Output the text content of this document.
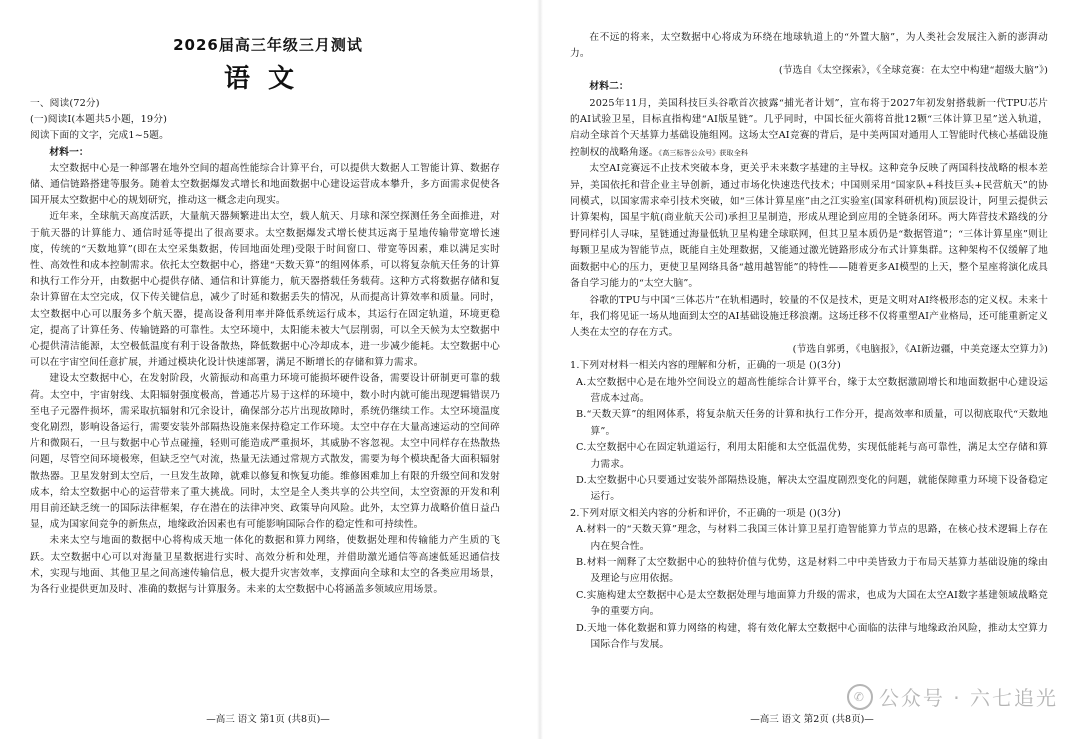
2026届高三年级三月测试
语文

一、阅读(72分)

(一)阅读Ⅰ(本题共5小题，19分)

阅读下面的文字，完成1~5题。

材料一：

太空数据中心是一种部署在地外空间的超高性能综合计算平台，可以提供大数据人工智能计算、数据存储、通信链路搭建等服务。随着太空数据爆发式增长和地面数据中心建设运营成本攀升，多方面需求促使各国开展太空数据中心的规划研究，推动这一概念走向现实。

近年来，全球航天高度活跃，大量航天器频繁进出太空，载人航天、月球和深空探测任务全面推进，对于航天器的计算能力、通信时延等提出了很高要求。太空数据爆发式增长使其远离于星地传输带宽增长速度，传统的“天数地算”(即在太空采集数据，传回地面处理)受限于时间窗口、带宽等因素，难以满足实时性、高效性和成本控制需求。依托太空数据中心，搭建“天数天算”的组网体系，可以将复杂航天任务的计算和执行工作分开，由数据中心提供存储、通信和计算能力，航天器搭载任务载荷。这种方式将数据存储和复杂计算留在太空完成，仅下传关键信息，减少了时延和数据丢失的情况，从而提高计算效率和质量。同时，太空数据中心可以服务多个航天器，提高设备利用率并降低系统运行成本，其运行在固定轨道，环境更稳定，提高了计算任务、传输链路的可靠性。太空环境中，太阳能未被大气层削弱，可以全天候为太空数据中心提供清洁能源，太空极低温度有利于设备散热，降低数据中心冷却成本，进一步减少能耗。太空数据中心可以在宇宙空间任意扩展，并通过模块化设计快速部署，满足不断增长的存储和算力需求。

建设太空数据中心，在发射阶段，火箭振动和高重力环境可能损坏硬件设备，需要设计研制更可靠的载荷。太空中，宇宙射线、太阳辐射强度极高，普通芯片易于这样的环境中，数小时内就可能出现逻辑错误乃至电子元器件损坏，需采取抗辐射和冗余设计，确保部分芯片出现故障时，系统仍继续工作。太空环境温度变化剧烈，影响设备运行，需要安装外部隔热设施来保持稳定工作环境。太空中存在大量高速运动的空间碎片和微陨石，一旦与数据中心节点碰撞，轻则可能造成严重损坏，其威胁不容忽视。太空中同样存在热散热问题，尽管空间环境极寒，但缺乏空气对流，热量无法通过常规方式散发，需要为每个模块配备大面积辐射散热器。卫星发射到太空后，一旦发生故障，就难以修复和恢复功能。维修困难加上有限的升级空间和发射成本，给太空数据中心的运营带来了重大挑战。同时，太空是全人类共享的公共空间，太空资源的开发和利用目前还缺乏统一的国际法律框架，存在潜在的法律冲突、政策导向风险。此外，太空算力战略价值日益凸显，成为国家间竞争的新焦点，地缘政治因素也有可能影响国际合作的稳定性和可持续性。

未来太空与地面的数据中心将构成天地一体化的数据和算力网络，使数据处理和传输能力产生质的飞跃。太空数据中心可以对海量卫星数据进行实时、高效分析和处理，并借助激光通信等高速低延迟通信技术，实现与地面、其他卫星之间高速传输信息，极大提升灾害效率，支撑面向全球和太空的各类应用场景，为各行业提供更加及时、准确的数据与计算服务。未来的太空数据中心将涵盖多领域应用场景。

—高三 语文 第1页 (共8页)—

在不远的将来，太空数据中心将成为环绕在地球轨道上的“外置大脑”，为人类社会发展注入新的澎湃动力。

(节选自《太空探索》，《全球竞赛：在太空中构建“超级大脑”》)

材料二：

2025年11月，美国科技巨头谷歌首次披露“捕光者计划”，宣布将于2027年初发射搭载新一代TPU芯片的AI试验卫星，目标直指构建“AI版星链”。几乎同时，中国长征火箭将首批12颗“三体计算卫星”送入轨道，启动全球首个天基算力基础设施组网。这场太空AI竞赛的背后，是中美两国对通用人工智能时代核心基础设施控制权的战略角逐。《高三标答公众号》获取全科

太空AI竞赛远不止技术突破本身，更关乎未来数字基建的主导权。这种竞争反映了两国科技战略的根本差异，美国依托和营企业主导创新，通过市场化快速迭代技术；中国则采用“国家队+科技巨头+民营航天”的协同模式，以国家需求牵引技术突破，如“三体计算星座”由之江实验室(国家科研机构)顶层设计，阿里云提供云计算架构，国星宇航(商业航天公司)承担卫星制造，形成从理论到应用的全链条闭环。两大阵营技术路线的分野同样引人寻味，星链通过海量低轨卫星构建全球联网，但其卫星本质仍是“数据管道”；“三体计算星座”则让每颗卫星成为智能节点，既能自主处理数据，又能通过激光链路形成分布式计算集群。这种架构不仅缓解了地面数据中心的压力，更使卫星网络具备“越用越智能”的特性——随着更多AI模型的上天，整个星座将演化成具备自学习能力的“太空大脑”。

谷歌的TPU与中国“三体芯片”在轨相遇时，较量的不仅是技术，更是文明对AI终极形态的定义权。未来十年，我们将见证一场从地面到太空的AI基础设施迁移浪潮。这场迁移不仅将重塑AI产业格局，还可能重新定义人类在太空的存在方式。

(节选自郭勇，《电脑报》，《AI新边疆，中美竞逐太空算力》)

1.下列对材料一相关内容的理解和分析，正确的一项是 ()(3分)

A.太空数据中心是在地外空间设立的超高性能综合计算平台，缘于太空数据激剧增长和地面数据中心建设运营成本过高。

B.“天数天算”的组网体系，将复杂航天任务的计算和执行工作分开，提高效率和质量，可以彻底取代“天数地算”。

C.太空数据中心在固定轨道运行，利用太阳能和太空低温优势，实现低能耗与高可靠性，满足太空存储和算力需求。

D.太空数据中心只要通过安装外部隔热设施，解决太空温度剧烈变化的问题，就能保障重力环境下设备稳定运行。

2.下列对原文相关内容的分析和评价，不正确的一项是 ()(3分)

A.材料一的“天数天算”理念，与材料二我国三体计算卫星打造智能算力节点的思路，在核心技术逻辑上存在内在契合性。

B.材料一阐释了太空数据中心的独特价值与优势，这是材料二中中美皆致力于布局天基算力基础设施的缘由及理论与应用依据。

C.实施构建太空数据中心是太空数据处理与地面算力升级的需求，也成为大国在太空AI数字基建领域战略竞争的重要方向。

D.天地一体化数据和算力网络的构建，将有效化解太空数据中心面临的法律与地缘政治风险，推动太空算力国际合作与发展。

—高三 语文 第2页 (共8页)—
✆ 公众号 · 六七追光
